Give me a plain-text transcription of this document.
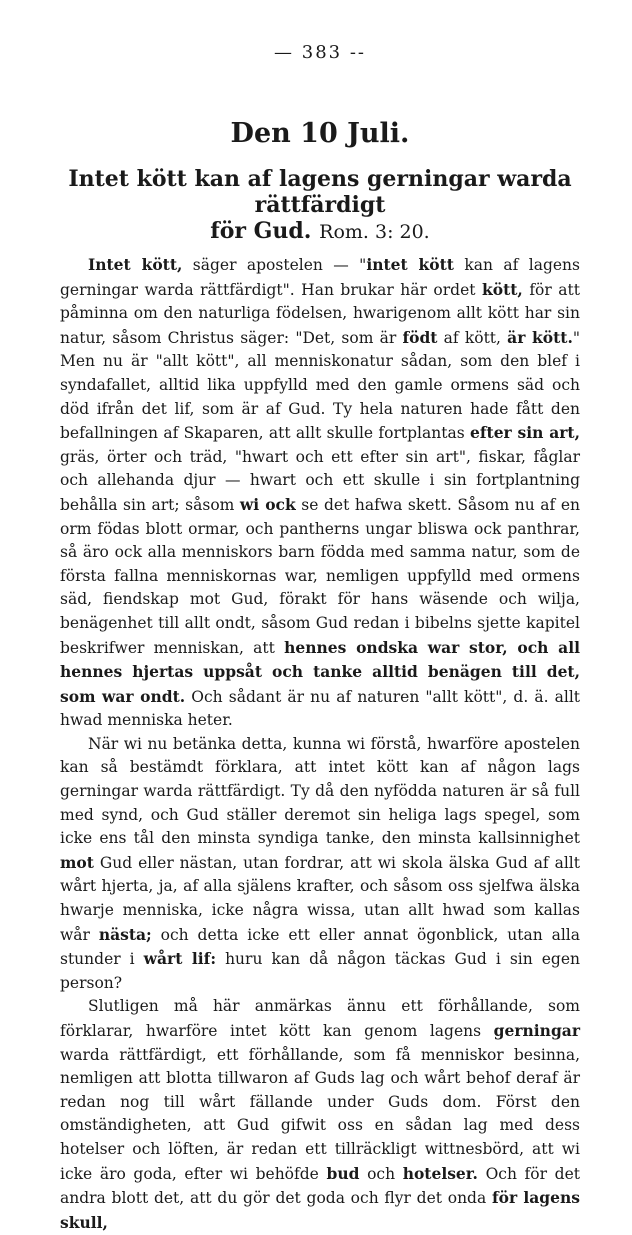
— 383 --
Den 10 Juli.
Intet kött kan af lagens gerningar warda rättfärdigt
för Gud. Rom. 3: 20.

Intet kött, säger apostelen — "intet kött kan af lagens gerningar warda rättfärdigt". Han brukar här ordet kött, för att påminna om den naturliga födelsen, hwarigenom allt kött har sin natur, såsom Christus säger: "Det, som är födt af kött, är kött." Men nu är "allt kött", all menniskonatur sådan, som den blef i syndafallet, alltid lika uppfylld med den gamle ormens säd och död ifrån det lif, som är af Gud. Ty hela naturen hade fått den befallningen af Skaparen, att allt skulle fortplantas efter sin art, gräs, örter och träd, "hwart och ett efter sin art", fiskar, fåglar och allehanda djur — hwart och ett skulle i sin fortplantning behålla sin art; såsom wi ock se det hafwa skett. Såsom nu af en orm födas blott ormar, och pantherns ungar bliswa ock panthrar, så äro ock alla menniskors barn födda med samma natur, som de första fallna menniskornas war, nemligen uppfylld med ormens säd, fiendskap mot Gud, förakt för hans wäsende och wilja, benägenhet till allt ondt, såsom Gud redan i bibelns sjette kapitel beskrifwer menniskan, att hennes ondska war stor, och all hennes hjertas uppsåt och tanke alltid benägen till det, som war ondt. Och sådant är nu af naturen "allt kött", d. ä. allt hwad menniska heter.

När wi nu betänka detta, kunna wi förstå, hwarföre apostelen kan så bestämdt förklara, att intet kött kan af någon lags gerningar warda rättfärdigt. Ty då den nyfödda naturen är så full med synd, och Gud ställer deremot sin heliga lags spegel, som icke ens tål den minsta syndiga tanke, den minsta kallsinnighet mot Gud eller nästan, utan fordrar, att wi skola älska Gud af allt wårt hjerta, ja, af alla själens krafter, och såsom oss sjelfwa älska hwarje menniska, icke några wissa, utan allt hwad som kallas wår nästa; och detta icke ett eller annat ögonblick, utan alla stunder i wårt lif: huru kan då någon täckas Gud i sin egen person?

Slutligen må här anmärkas ännu ett förhållande, som förklarar, hwarföre intet kött kan genom lagens gerningar warda rättfärdigt, ett förhållande, som få menniskor besinna, nemligen att blotta tillwaron af Guds lag och wårt behof deraf är redan nog till wårt fällande under Guds dom. Först den omständigheten, att Gud gifwit oss en sådan lag med dess hotelser och löften, är redan ett tillräckligt wittnesbörd, att wi icke äro goda, efter wi behöfde bud och hotelser. Och för det andra blott det, att du gör det goda och flyr det onda för lagens skull,
